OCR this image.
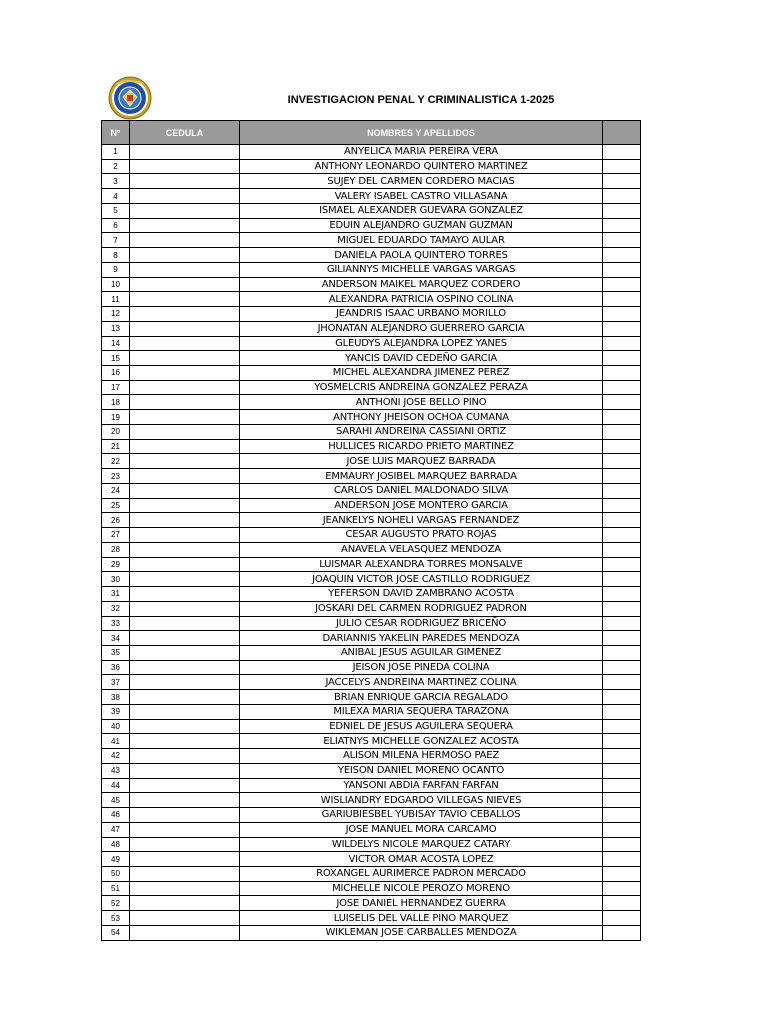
INVESTIGACION PENAL Y CRIMINALISTICA 1-2025
N°	CEDULA	NOMBRES Y APELLIDOS	
1		ANYELICA MARIA PEREIRA VERA	
2		ANTHONY LEONARDO QUINTERO MARTINEZ	
3		SUJEY DEL CARMEN CORDERO MACIAS	
4		VALERY ISABEL CASTRO VILLASANA	
5		ISMAEL ALEXANDER GUEVARA GONZALEZ	
6		EDUIN ALEJANDRO GUZMAN GUZMAN	
7		MIGUEL EDUARDO TAMAYO AULAR	
8		DANIELA PAOLA QUINTERO TORRES	
9		GILIANNYS MICHELLE VARGAS VARGAS	
10		ANDERSON MAIKEL MARQUEZ CORDERO	
11		ALEXANDRA PATRICIA OSPINO COLINA	
12		JEANDRIS ISAAC URBANO MORILLO	
13		JHONATAN ALEJANDRO GUERRERO GARCIA	
14		GLEUDYS ALEJANDRA LOPEZ YANES	
15		YANCIS DAVID CEDEÑO GARCIA	
16		MICHEL ALEXANDRA JIMENEZ PEREZ	
17		YOSMELCRIS ANDREINA GONZALEZ PERAZA	
18		ANTHONI JOSE BELLO PINO	
19		ANTHONY JHEISON OCHOA CUMANA	
20		SARAHI ANDREINA CASSIANI ORTIZ	
21		HULLICES RICARDO PRIETO MARTINEZ	
22		JOSE LUIS MARQUEZ BARRADA	
23		EMMAURY JOSIBEL MARQUEZ BARRADA	
24		CARLOS DANIEL MALDONADO SILVA	
25		ANDERSON JOSE MONTERO GARCIA	
26		JEANKELYS NOHELI VARGAS FERNANDEZ	
27		CESAR AUGUSTO PRATO ROJAS	
28		ANAVELA VELASQUEZ MENDOZA	
29		LUISMAR ALEXANDRA TORRES MONSALVE	
30		JOAQUIN VICTOR JOSE CASTILLO RODRIGUEZ	
31		YEFERSON DAVID ZAMBRANO ACOSTA	
32		JOSKARI DEL CARMEN RODRIGUEZ PADRON	
33		JULIO CESAR RODRIGUEZ BRICEÑO	
34		DARIANNIS YAKELIN PAREDES MENDOZA	
35		ANIBAL JESUS AGUILAR GIMENEZ	
36		JEISON JOSE PINEDA COLINA	
37		JACCELYS ANDREINA MARTINEZ COLINA	
38		BRIAN ENRIQUE GARCIA REGALADO	
39		MILEXA MARIA SEQUERA TARAZONA	
40		EDNIEL DE JESUS AGUILERA SEQUERA	
41		ELIATNYS MICHELLE GONZALEZ ACOSTA	
42		ALISON MILENA HERMOSO PAEZ	
43		YEISON DANIEL MORENO OCANTO	
44		YANSONI ABDIA FARFAN FARFAN	
45		WISLIANDRY EDGARDO VILLEGAS NIEVES	
46		GARIUBIESBEL YUBISAY TAVIO CEBALLOS	
47		JOSE MANUEL MORA CARCAMO	
48		WILDELYS NICOLE MARQUEZ CATARY	
49		VICTOR OMAR ACOSTA LOPEZ	
50		ROXANGEL AURIMERCE PADRON MERCADO	
51		MICHELLE NICOLE PEROZO MORENO	
52		JOSE DANIEL HERNANDEZ GUERRA	
53		LUISELIS DEL VALLE PINO MARQUEZ	
54		WIKLEMAN JOSE CARBALLES MENDOZA	
